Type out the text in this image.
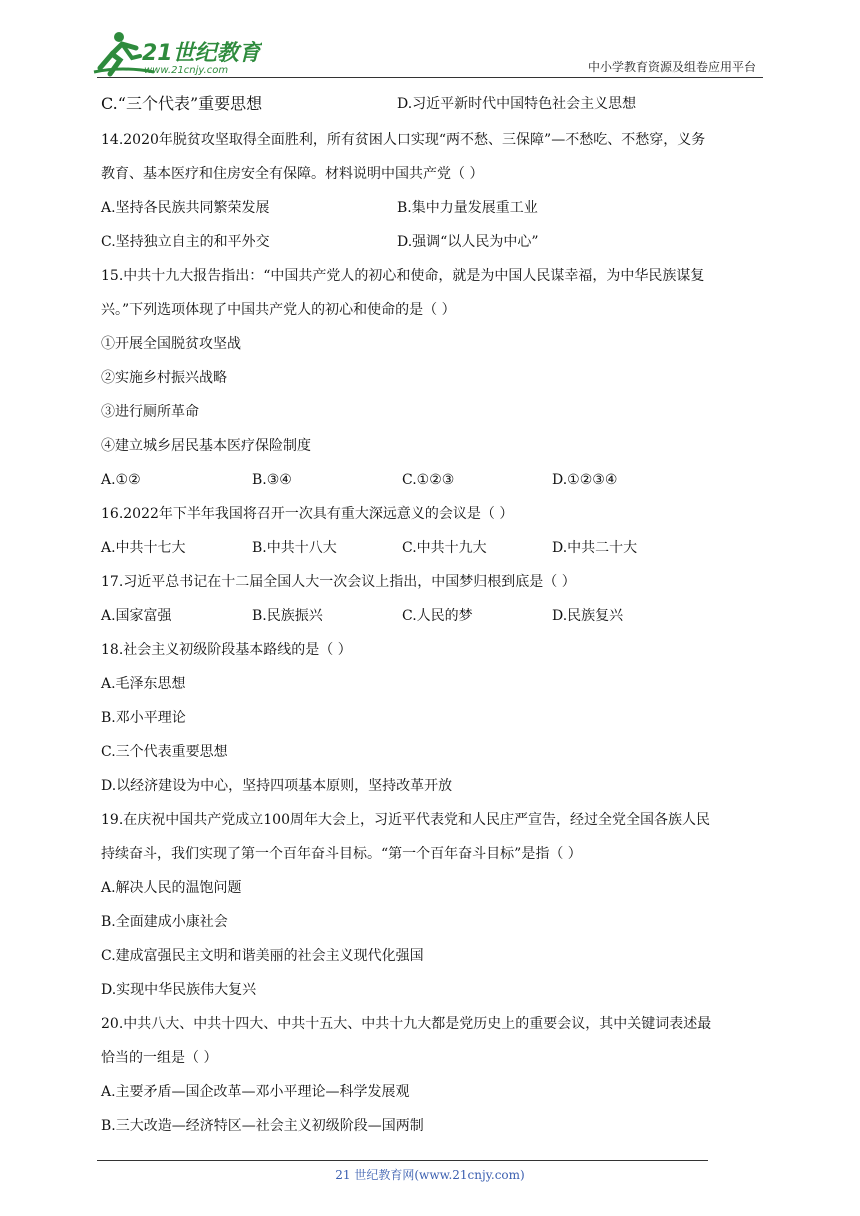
21世纪教育
www.21cnjy.com	中小学教育资源及组卷应用平台
C.“三个代表”重要思想	D.习近平新时代中国特色社会主义思想
14.2020年脱贫攻坚取得全面胜利，所有贫困人口实现“两不愁、三保障”—不愁吃、不愁穿，义务
教育、基本医疗和住房安全有保障。材料说明中国共产党（ ）
A.坚持各民族共同繁荣发展	B.集中力量发展重工业
C.坚持独立自主的和平外交	D.强调“以人民为中心”
15.中共十九大报告指出：“中国共产党人的初心和使命，就是为中国人民谋幸福，为中华民族谋复
兴。”下列选项体现了中国共产党人的初心和使命的是（ ）
①开展全国脱贫攻坚战
②实施乡村振兴战略
③进行厕所革命
④建立城乡居民基本医疗保险制度
A.①②	B.③④	C.①②③	D.①②③④
16.2022年下半年我国将召开一次具有重大深远意义的会议是（ ）
A.中共十七大	B.中共十八大	C.中共十九大	D.中共二十大
17.习近平总书记在十二届全国人大一次会议上指出，中国梦归根到底是（ ）
A.国家富强	B.民族振兴	C.人民的梦	D.民族复兴
18.社会主义初级阶段基本路线的是（ ）
A.毛泽东思想
B.邓小平理论
C.三个代表重要思想
D.以经济建设为中心，坚持四项基本原则，坚持改革开放
19.在庆祝中国共产党成立100周年大会上，习近平代表党和人民庄严宣告，经过全党全国各族人民
持续奋斗，我们实现了第一个百年奋斗目标。“第一个百年奋斗目标”是指（ ）
A.解决人民的温饱问题
B.全面建成小康社会
C.建成富强民主文明和谐美丽的社会主义现代化强国
D.实现中华民族伟大复兴
20.中共八大、中共十四大、中共十五大、中共十九大都是党历史上的重要会议，其中关键词表述最
恰当的一组是（ ）
A.主要矛盾—国企改革—邓小平理论—科学发展观
B.三大改造—经济特区—社会主义初级阶段—国两制
21 世纪教育网(www.21cnjy.com)
